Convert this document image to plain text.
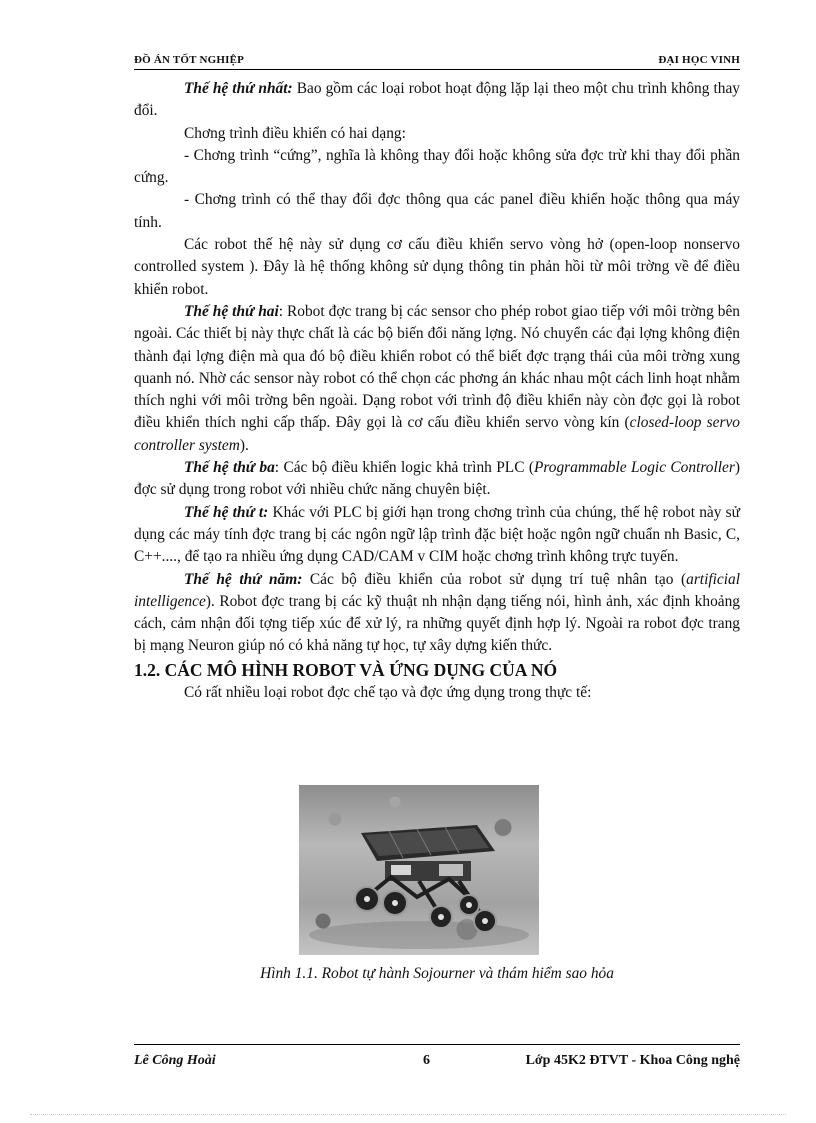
ĐỒ ÁN TỐT NGHIỆP	ĐẠI HỌC VINH

Thế hệ thứ nhất: Bao gồm các loại robot hoạt động lặp lại theo một chu trình không thay đổi.

Chơng trình điều khiển có hai dạng:

- Chơng trình “cứng”, nghĩa là không thay đổi hoặc không sửa đợc trừ khi thay đổi phần cứng.

- Chơng trình có thể thay đổi đợc thông qua các panel điều khiển hoặc thông qua máy tính.

Các robot thế hệ này sử dụng cơ cấu điều khiển servo vòng hở (open-loop nonservo controlled system ). Đây là hệ thống không sử dụng thông tin phản hồi từ môi trờng về để điều khiển robot.

Thế hệ thứ hai: Robot đợc trang bị các sensor cho phép robot giao tiếp với môi trờng bên ngoài. Các thiết bị này thực chất là các bộ biến đổi năng lợng. Nó chuyển các đại lợng không điện thành đại lợng điện mà qua đó bộ điều khiển robot có thể biết đợc trạng thái của môi trờng xung quanh nó. Nhờ các sensor này robot có thể chọn các phơng án khác nhau một cách linh hoạt nhằm thích nghi với môi trờng bên ngoài. Dạng robot với trình độ điều khiển này còn đợc gọi là robot điều khiển thích nghi cấp thấp. Đây gọi là cơ cấu điều khiển servo vòng kín (closed-loop servo controller system).

Thế hệ thứ ba: Các bộ điều khiển logic khả trình PLC (Programmable Logic Controller) đợc sử dụng trong robot với nhiều chức năng chuyên biệt.

Thế hệ thứ t: Khác với PLC bị giới hạn trong chơng trình của chúng, thế hệ robot này sử dụng các máy tính đợc trang bị các ngôn ngữ lập trình đặc biệt hoặc ngôn ngữ chuẩn nh Basic, C, C++...., để tạo ra nhiều ứng dụng CAD/CAM v CIM hoặc chơng trình không trực tuyến.

Thế hệ thứ năm: Các bộ điều khiển của robot sử dụng trí tuệ nhân tạo (artificial intelligence). Robot đợc trang bị các kỹ thuật nh nhận dạng tiếng nói, hình ảnh, xác định khoảng cách, cảm nhận đối tợng tiếp xúc để xử lý, ra những quyết định hợp lý. Ngoài ra robot đợc trang bị mạng Neuron giúp nó có khả năng tự học, tự xây dựng kiến thức.

1.2. CÁC MÔ HÌNH ROBOT VÀ ỨNG DỤNG CỦA NÓ

Có rất nhiều loại robot đợc chế tạo và đợc ứng dụng trong thực tế:

Hình 1.1. Robot tự hành Sojourner và thám hiểm sao hỏa
Lê Công Hoài	6	Lớp 45K2 ĐTVT - Khoa Công nghệ
